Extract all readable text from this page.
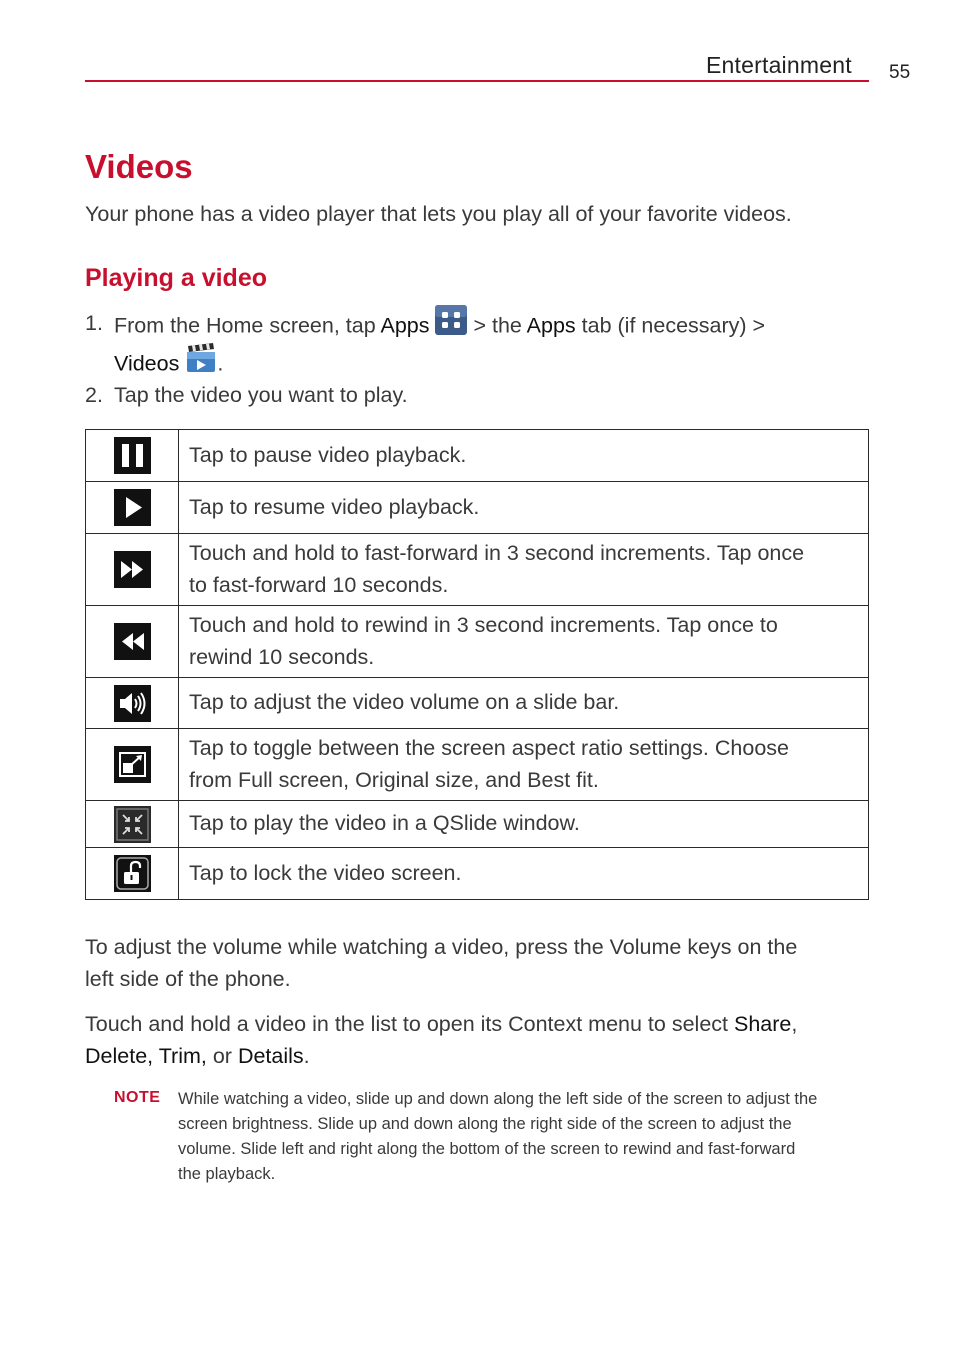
Entertainment 55
Videos
Your phone has a video player that lets you play all of your favorite videos.
Playing a video
1. From the Home screen, tap Apps  > the Apps tab (if necessary) >
Videos .
2. Tap the video you want to play.
	Tap to pause video playback.

	Tap to resume video playback.

	Touch and hold to fast-forward in 3 second increments. Tap once
to fast-forward 10 seconds.

	Touch and hold to rewind in 3 second increments. Tap once to
rewind 10 seconds.

	Tap to adjust the video volume on a slide bar.

	Tap to toggle between the screen aspect ratio settings. Choose
from Full screen, Original size, and Best fit.

	Tap to play the video in a QSlide window.

	Tap to lock the video screen.
To adjust the volume while watching a video, press the Volume keys on the
left side of the phone.
Touch and hold a video in the list to open its Context menu to select Share,
Delete, Trim, or Details.
NOTE While watching a video, slide up and down along the left side of the screen to adjust the
screen brightness. Slide up and down along the right side of the screen to adjust the
volume. Slide left and right along the bottom of the screen to rewind and fast-forward
the playback.
